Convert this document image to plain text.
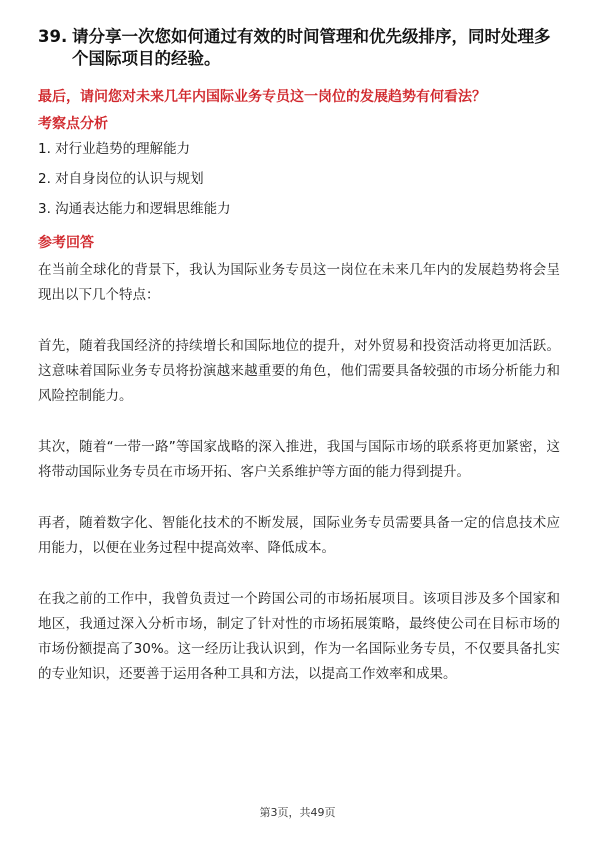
39. 请分享一次您如何通过有效的时间管理和优先级排序，同时处理多个国际项目的经验。
最后，请问您对未来几年内国际业务专员这一岗位的发展趋势有何看法？
考察点分析
1. 对行业趋势的理解能力
2. 对自身岗位的认识与规划
3. 沟通表达能力和逻辑思维能力
参考回答

在当前全球化的背景下，我认为国际业务专员这一岗位在未来几年内的发展趋势将会呈现出以下几个特点：

首先，随着我国经济的持续增长和国际地位的提升，对外贸易和投资活动将更加活跃。这意味着国际业务专员将扮演越来越重要的角色，他们需要具备较强的市场分析能力和风险控制能力。

其次，随着“一带一路”等国家战略的深入推进，我国与国际市场的联系将更加紧密，这将带动国际业务专员在市场开拓、客户关系维护等方面的能力得到提升。

再者，随着数字化、智能化技术的不断发展，国际业务专员需要具备一定的信息技术应用能力，以便在业务过程中提高效率、降低成本。

在我之前的工作中，我曾负责过一个跨国公司的市场拓展项目。该项目涉及多个国家和地区，我通过深入分析市场，制定了针对性的市场拓展策略，最终使公司在目标市场的市场份额提高了30%。这一经历让我认识到，作为一名国际业务专员，不仅要具备扎实的专业知识，还要善于运用各种工具和方法，以提高工作效率和成果。

第3页，共49页
